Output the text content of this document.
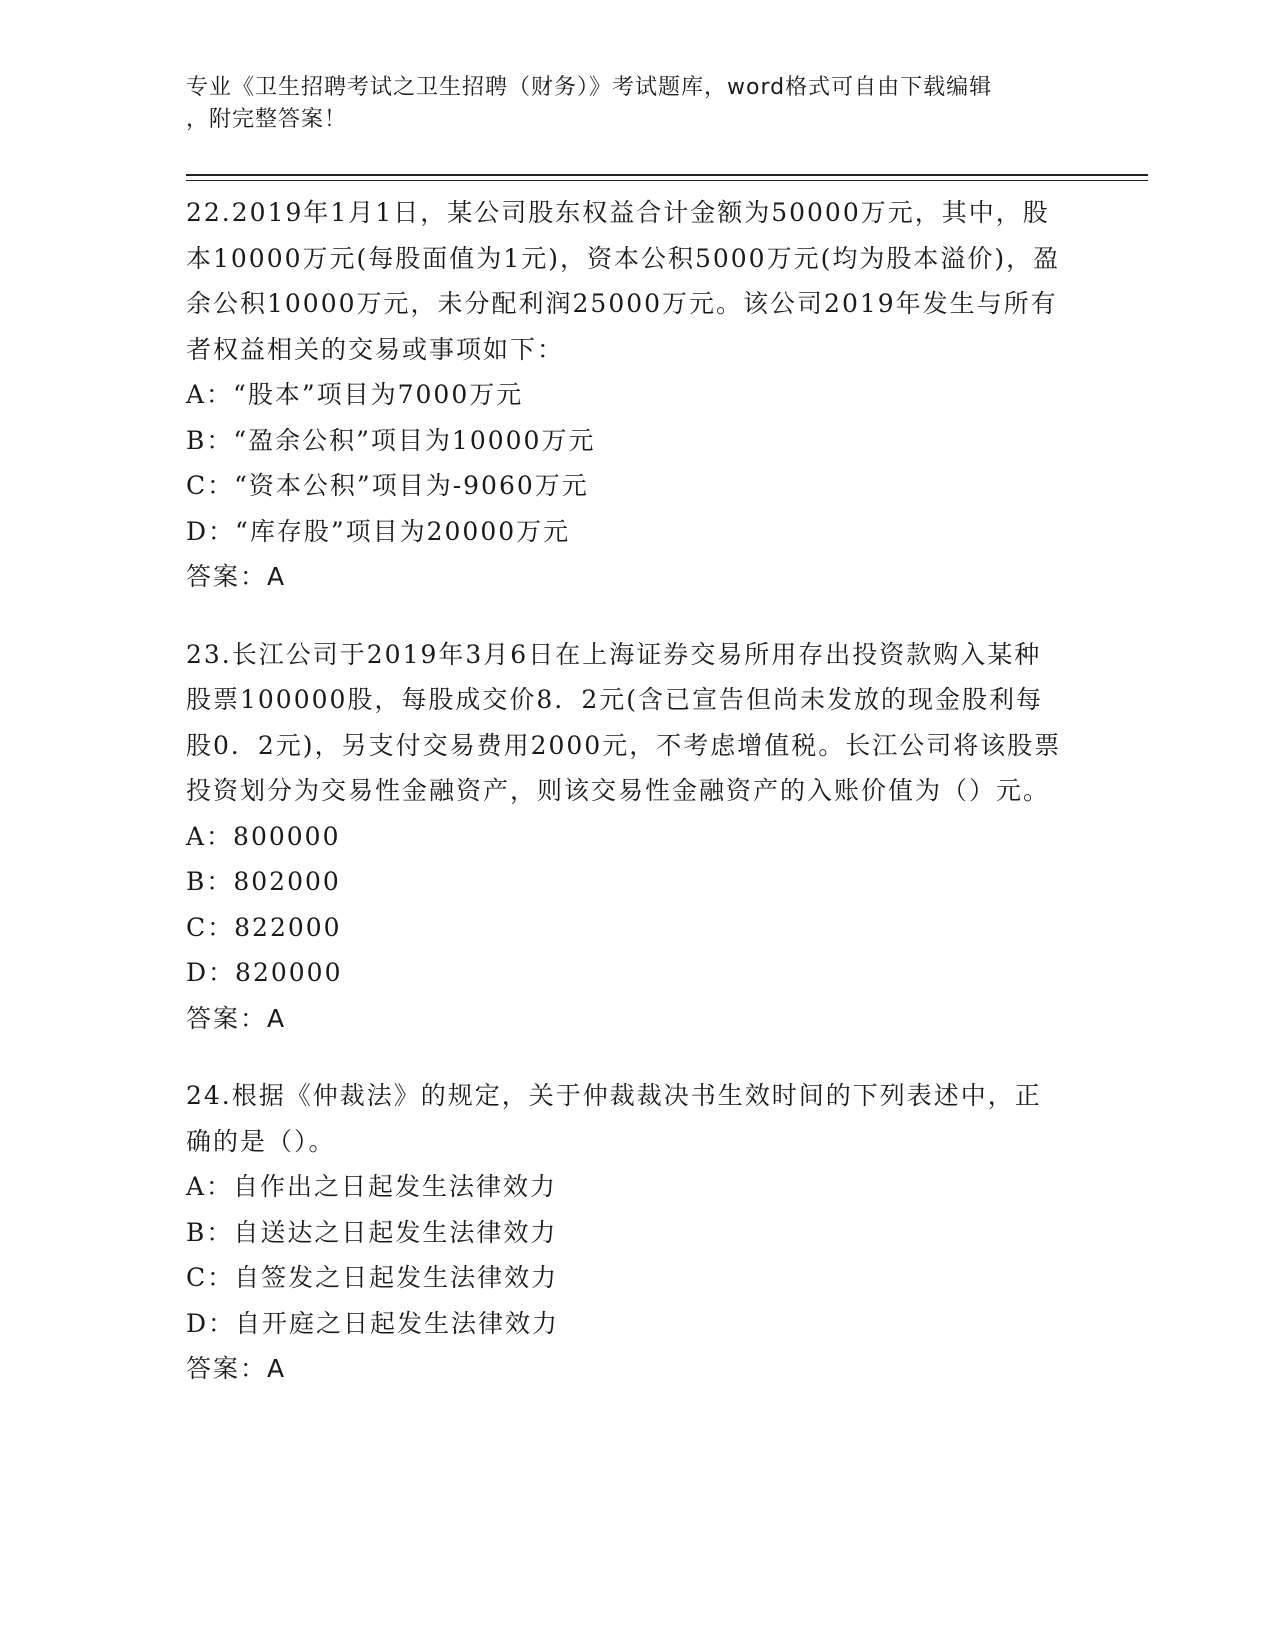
专业《卫生招聘考试之卫生招聘（财务）》考试题库，word格式可自由下载编辑

，附完整答案！

22.2019年1月1日，某公司股东权益合计金额为50000万元，其中，股本10000万元(每股面值为1元)，资本公积5000万元(均为股本溢价)，盈余公积10000万元，未分配利润25000万元。该公司2019年发生与所有者权益相关的交易或事项如下：
A：“股本”项目为7000万元
B：“盈余公积”项目为10000万元
C：“资本公积”项目为-9060万元
D：“库存股”项目为20000万元
答案：A
23.长江公司于2019年3月6日在上海证券交易所用存出投资款购入某种股票100000股，每股成交价8．2元(含已宣告但尚未发放的现金股利每股0．2元)，另支付交易费用2000元，不考虑增值税。长江公司将该股票投资划分为交易性金融资产，则该交易性金融资产的入账价值为（）元。
A：800000
B：802000
C：822000
D：820000
答案：A
24.根据《仲裁法》的规定，关于仲裁裁决书生效时间的下列表述中，正确的是（）。
A：自作出之日起发生法律效力
B：自送达之日起发生法律效力
C：自签发之日起发生法律效力
D：自开庭之日起发生法律效力
答案：A
